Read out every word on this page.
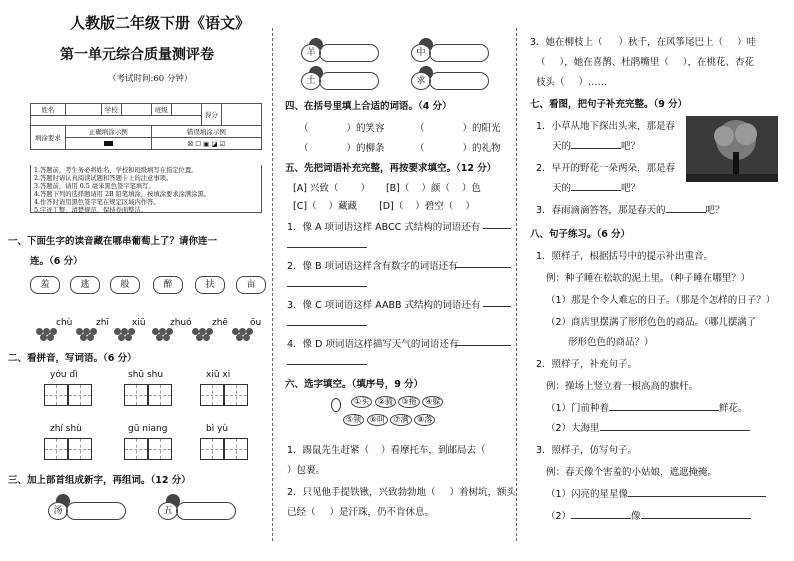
人教版二年级下册《语文》
第一单元综合质量测评卷
（考试时间:60 分钟）
姓名		学校		班级		得分	

填涂要求	正确填涂示例			错误填涂示例			
				☒ ☐ ▣ ◪ ☑			
1.答题前，考生务必将姓名、学校和班级填写在指定位置。
2.答题时请认真阅读试题和答题卡上的注意事项。
3.答题前，请用 0.5 毫米黑色签字笔填写。
4.答题下列的选择题请用 2B 铅笔填涂，按填涂要求涂满涂黑。
4.作答时请用黑色签字笔在规定区域内作答。
5.字迹工整，清楚规范，保持卷面整洁。
一、下面生字的读音藏在哪串葡萄上了？请你连一
连。（6 分）
羞	逃	般	醉	扶	亩
chù	zhī	xiū	zhuó zhē ōu
二、看拼音，写词语。（6 分）
yóu dì	shū shu	xiū xi
zhí shù	gū niang	bì yù
三、加上部首组成新字，再组词。（12 分）
汤	五
羊	中
土	求
四、在括号里填上合适的词语。（4 分）
（	）的笑容	（	）的阳光
（	）的柳条	（	）的礼物
五、先把词语补充完整，再按要求填空。（12 分）
[A] 兴致（ ） [B]（ ）颜（ ）色
[C]（ ）藏藏 [D]（ ）碧空（ ）
1．像 A 项词语这样 ABCC 式结构的词语还有
2．像 B 项词语这样含有数字的词语还有
3．像 C 项词语这样 AABB 式结构的词语还有
4．像 D 项词语这样描写天气的词语还有
六、选字填空。（填序号，9 分）
①买 ②骑 ③拖 ④躲
⑤领 ⑥叫 ⑦满 ⑧落
1．踢鼠先生赶紧（ ）看摩托车，到邮局去（
）包裹。
2．只见他手提铁锹，兴致勃勃地（ ）着树坑，额头
已经（ ）是汗珠，仍不肯休息。
3．她在柳枝上（ ）秋千，在风筝尾巴上（ ）哇
（ ），她在喜鹊、杜鹃嘴里（ ），在桃花、杏花
枝头（ ）……
七、看图，把句子补充完整。（9 分）
1．小草从地下探出头来，那是春
天的	吧？
2．早开的野花一朵两朵，那是春
天的	吧？
3．春雨滴滴答答，那是春天的	吧？
八、句子练习。（6 分）
1．照样子，根据括号中的提示补出重音。
例：种子睡在松软的泥土里。（种子睡在哪里？）
（1）那是个令人难忘的日子。（那是个怎样的日子？）
（2）商店里摆满了形形色色的商品。（哪儿摆满了
形形色色的商品？）
2．照样子，补充句子。
例：操场上竖立着一根高高的旗杆。
（1）门前种着	鲜花。
（2）大海里
3．照样子，仿写句子。
例：春天像个害羞的小姑娘，遮遮掩掩。
（1）闪亮的星星像
（2）	像
